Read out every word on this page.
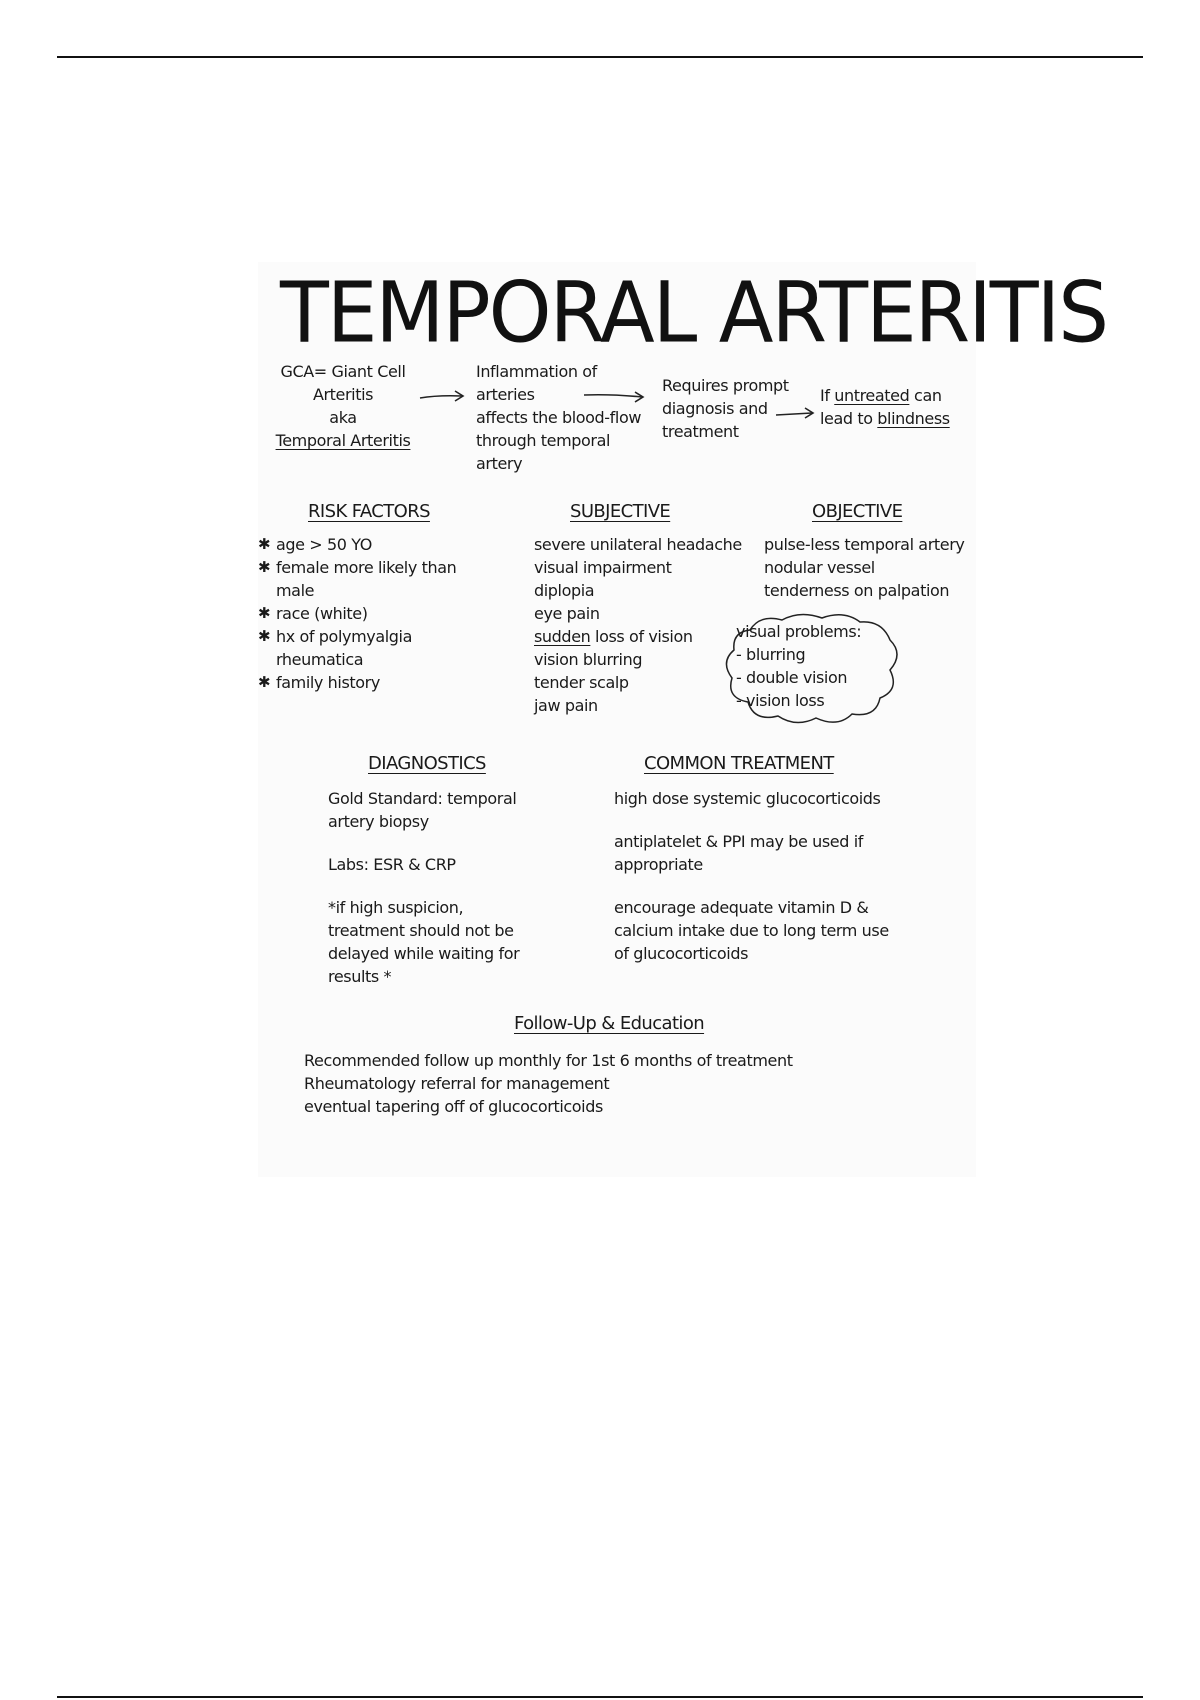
TEMPORAL ARTERITIS
GCA= Giant Cell
Arteritis
aka
Temporal Arteritis
Inflammation of
arteries
affects the blood-flow
through temporal
artery
Requires prompt
diagnosis and
treatment
If untreated can
lead to blindness
RISK FACTORS
✱ age > 50 YO
✱ female more likely than
male
✱ race (white)
✱ hx of polymyalgia
rheumatica
✱ family history
SUBJECTIVE
severe unilateral headache
visual impairment
diplopia
eye pain
sudden loss of vision
vision blurring
tender scalp
jaw pain
OBJECTIVE
pulse-less temporal artery
nodular vessel
tenderness on palpation
visual problems:
- blurring
- double vision
- vision loss
DIAGNOSTICS
Gold Standard: temporal
artery biopsy
Labs: ESR & CRP
*if high suspicion,
treatment should not be
delayed while waiting for
results *
COMMON TREATMENT
high dose systemic glucocorticoids
antiplatelet & PPI may be used if
appropriate
encourage adequate vitamin D &
calcium intake due to long term use
of glucocorticoids
Follow-Up & Education
Recommended follow up monthly for 1st 6 months of treatment
Rheumatology referral for management
eventual tapering off of glucocorticoids
